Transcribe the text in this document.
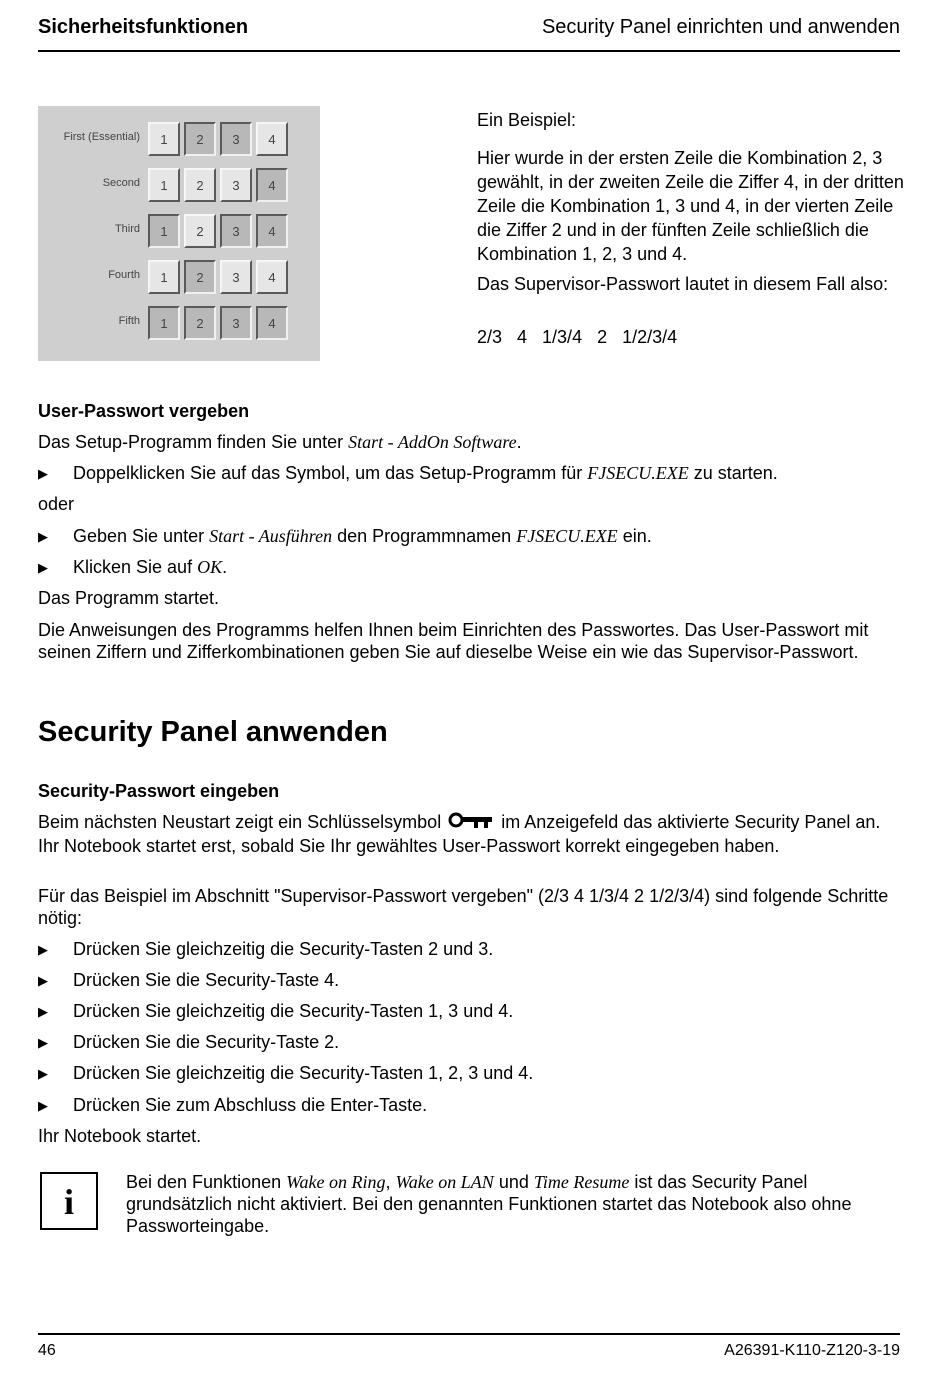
Sicherheitsfunktionen	Security Panel einrichten und anwenden
First (Essential)	1	2	3	4
Second	1	2	3	4
Third	1	2	3	4
Fourth	1	2	3	4
Fifth	1	2	3	4
Ein Beispiel:
Hier wurde in der ersten Zeile die Kombination 2, 3 gewählt, in der zweiten Zeile die Ziffer 4, in der dritten Zeile die Kombination 1, 3 und 4, in der vierten Zeile die Ziffer 2 und in der fünften Zeile schließlich die Kombination 1, 2, 3 und 4.
Das Supervisor-Passwort lautet in diesem Fall also:
2/3   4   1/3/4   2   1/2/3/4
User-Passwort vergeben
Das Setup-Programm finden Sie unter Start - AddOn Software.
▶ Doppelklicken Sie auf das Symbol, um das Setup-Programm für FJSECU.EXE zu starten.
oder
▶ Geben Sie unter Start - Ausführen den Programmnamen FJSECU.EXE ein.
▶ Klicken Sie auf OK.
Das Programm startet.
Die Anweisungen des Programms helfen Ihnen beim Einrichten des Passwortes. Das User-Passwort mit seinen Ziffern und Zifferkombinationen geben Sie auf dieselbe Weise ein wie das Supervisor-Passwort.
Security Panel anwenden
Security-Passwort eingeben
Beim nächsten Neustart zeigt ein Schlüsselsymbol	im Anzeigefeld das aktivierte Security Panel an. Ihr Notebook startet erst, sobald Sie Ihr gewähltes User-Passwort korrekt eingegeben haben.
Für das Beispiel im Abschnitt "Supervisor-Passwort vergeben" (2/3 4 1/3/4 2 1/2/3/4) sind folgende Schritte nötig:
▶ Drücken Sie gleichzeitig die Security-Tasten 2 und 3.
▶ Drücken Sie die Security-Taste 4.
▶ Drücken Sie gleichzeitig die Security-Tasten 1, 3 und 4.
▶ Drücken Sie die Security-Taste 2.
▶ Drücken Sie gleichzeitig die Security-Tasten 1, 2, 3 und 4.
▶ Drücken Sie zum Abschluss die Enter-Taste.
Ihr Notebook startet.
i	Bei den Funktionen Wake on Ring, Wake on LAN und Time Resume ist das Security Panel grundsätzlich nicht aktiviert. Bei den genannten Funktionen startet das Notebook also ohne Passworteingabe.
46	A26391-K110-Z120-3-19
